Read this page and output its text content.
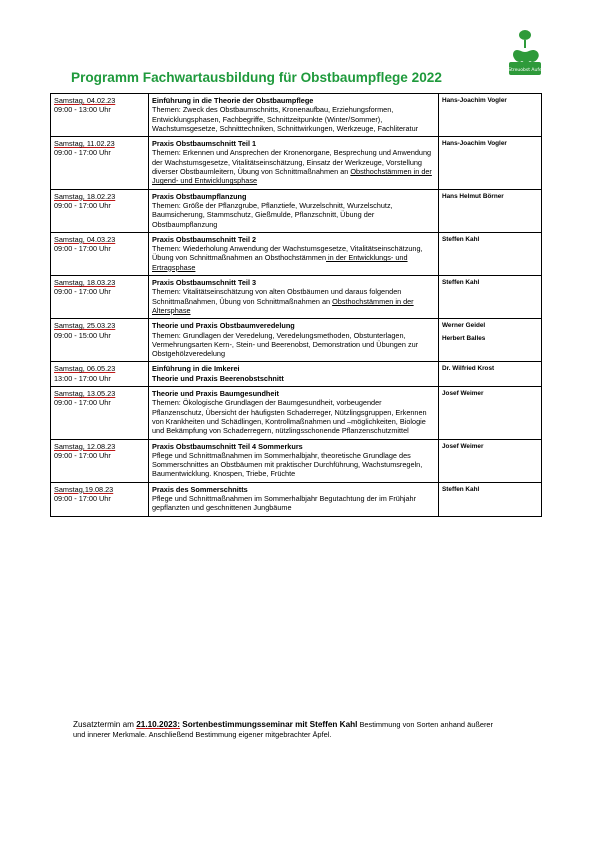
Streuobst Aufe
Programm Fachwartausbildung für Obstbaumpflege 2022
Samstag, 04.02.23
09:00 - 13:00 Uhr	Einführung in die Theorie der Obstbaumpflege
Themen: Zweck des Obstbaumschnitts, Kronenaufbau, Erziehungsformen, Entwicklungsphasen, Fachbegriffe, Schnittzeitpunkte (Winter/Sommer), Wachstumsgesetze, Schnitttechniken, Schnittwirkungen, Werkzeuge, Fachliteratur	Hans-Joachim Vogler

Samstag, 11.02.23
09:00 - 17:00 Uhr	Praxis Obstbaumschnitt Teil 1
Themen: Erkennen und Ansprechen der Kronenorgane, Besprechung und Anwendung der Wachstumsgesetze, Vitalitätseinschätzung, Einsatz der Werkzeuge, Vorstellung diverser Obstbaumleitern, Übung von Schnittmaßnahmen an Obsthochstämmen in der Jugend- und Entwicklungsphase	Hans-Joachim Vogler

Samstag, 18.02.23
09:00 - 17:00 Uhr	Praxis Obstbaumpflanzung
Themen: Größe der Pflanzgrube, Pflanztiefe, Wurzelschnitt, Wurzelschutz, Baumsicherung, Stammschutz, Gießmulde, Pflanzschnitt, Übung der Obstbaumpflanzung	Hans Helmut Börner

Samstag, 04.03.23
09:00 - 17:00 Uhr	Praxis Obstbaumschnitt Teil 2
Themen: Wiederholung Anwendung der Wachstumsgesetze, Vitalitätseinschätzung, Übung von Schnittmaßnahmen an Obsthochstämmen in der Entwicklungs- und Ertragsphase	Steffen Kahl

Samstag, 18.03.23
09:00 - 17:00 Uhr	Praxis Obstbaumschnitt Teil 3
Themen: Vitalitätseinschätzung von alten Obstbäumen und daraus folgenden Schnittmaßnahmen, Übung von Schnittmaßnahmen an Obsthochstämmen in der Altersphase	Steffen Kahl

Samstag, 25.03.23
09:00 - 15:00 Uhr	Theorie und Praxis Obstbaumveredelung
Themen: Grundlagen der Veredelung, Veredelungsmethoden, Obstunterlagen, Vermehrungsarten Kern-, Stein- und Beerenobst, Demonstration und Übungen zur Obstgehölzveredelung	Werner Geidel
Herbert Balles

Samstag, 06.05.23
13:00 - 17:00 Uhr	Einführung in die Imkerei
Theorie und Praxis Beerenobstschnitt	Dr. Wilfried Krost

Samstag, 13.05.23
09:00 - 17:00 Uhr	Theorie und Praxis Baumgesundheit
Themen: Ökologische Grundlagen der Baumgesundheit, vorbeugender Pflanzenschutz, Übersicht der häufigsten Schaderreger, Nützlingsgruppen, Erkennen von Krankheiten und Schädlingen, Kontrollmaßnahmen und –möglichkeiten, Biologie und Bekämpfung von Schaderregern, nützlingsschonende Pflanzenschutzmittel	Josef Weimer

Samstag, 12.08.23
09:00 - 17:00 Uhr	Praxis Obstbaumschnitt Teil 4 Sommerkurs
Pflege und Schnittmaßnahmen im Sommerhalbjahr, theoretische Grundlage des Sommerschnittes an Obstbäumen mit praktischer Durchführung, Wachstumsregeln, Baumentwicklung. Knospen, Triebe, Früchte	Josef Weimer

Samstag,19.08.23
09:00 - 17:00 Uhr	Praxis des Sommerschnitts
Pflege und Schnittmaßnahmen im Sommerhalbjahr Begutachtung der im Frühjahr gepflanzten und geschnittenen Jungbäume	Steffen Kahl
Zusatztermin am 21.10.2023: Sortenbestimmungsseminar mit Steffen Kahl Bestimmung von Sorten anhand äußerer und innerer Merkmale. Anschließend Bestimmung eigener mitgebrachter Äpfel.
